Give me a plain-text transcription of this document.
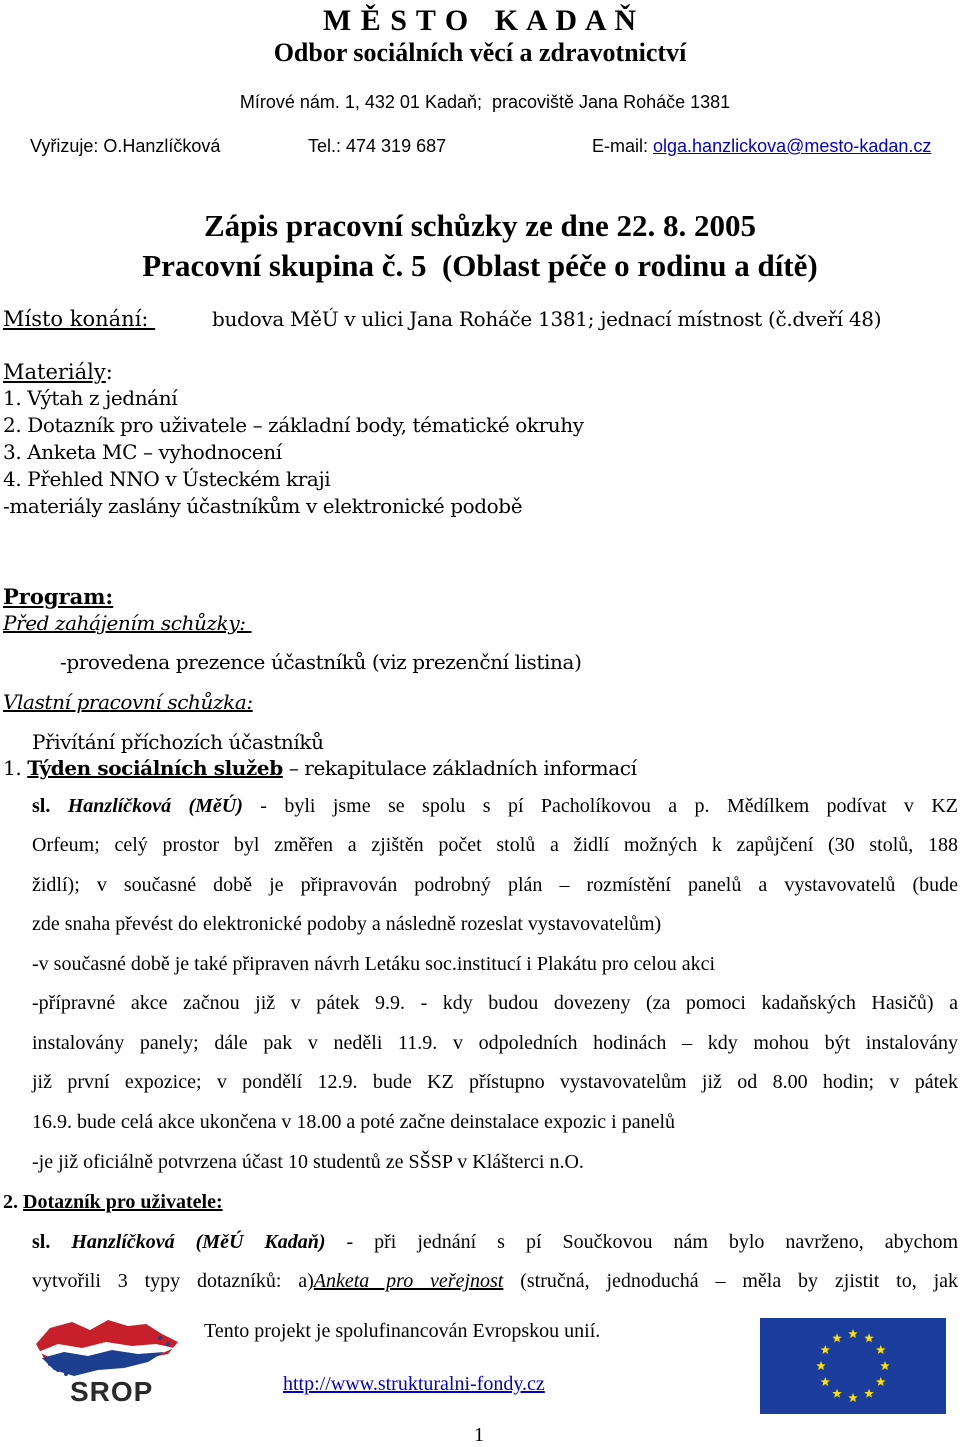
M Ě S T O   K A D A Ň
Odbor sociálních věcí a zdravotnictví

Mírové nám. 1, 432 01 Kadaň;  pracoviště Jana Roháče 1381

Vyřizuje: O.Hanzlíčková	Tel.: 474 319 687	E-mail: olga.hanzlickova@mesto-kadan.cz
Zápis pracovní schůzky ze dne 22. 8. 2005
Pracovní skupina č. 5  (Oblast péče o rodinu a dítě)
Místo konání:	budova MěÚ v ulici Jana Roháče 1381; jednací místnost (č.dveří 48)
Materiály:
1. Výtah z jednání
2. Dotazník pro uživatele – základní body, tématické okruhy
3. Anketa MC – vyhodnocení
4. Přehled NNO v Ústeckém kraji
-materiály zaslány účastníkům v elektronické podobě
Program:
Před zahájením schůzky:
-provedena prezence účastníků (viz prezenční listina)
Vlastní pracovní schůzka:
Přivítání příchozích účastníků
1. Týden sociálních služeb – rekapitulace základních informací
sl. Hanzlíčková (MěÚ) - byli jsme se spolu s pí Pacholíkovou a p. Mědílkem podívat v KZ
Orfeum; celý prostor byl změřen a zjištěn počet stolů a židlí možných k zapůjčení (30 stolů, 188
židlí); v současné době je připravován podrobný plán – rozmístění panelů a vystavovatelů (bude
zde snaha převést do elektronické podoby a následně rozeslat vystavovatelům)
-v současné době je také připraven návrh Letáku soc.institucí i Plakátu pro celou akci
-přípravné akce začnou již v pátek 9.9. - kdy budou dovezeny (za pomoci kadaňských Hasičů) a
instalovány panely; dále pak v neděli 11.9. v odpoledních hodinách – kdy mohou být instalovány
již první expozice; v pondělí 12.9. bude KZ přístupno vystavovatelům již od 8.00 hodin; v pátek
16.9. bude celá akce ukončena v 18.00 a poté začne deinstalace expozic i panelů
-je již oficiálně potvrzena účast 10 studentů ze SŠSP v Klášterci n.O.
2. Dotazník pro uživatele:
sl. Hanzlíčková (MěÚ Kadaň) - při jednání s pí Součkovou nám bylo navrženo, abychom
vytvořili 3 typy dotazníků: a)Anketa pro veřejnost (stručná, jednoduchá – měla by zjistit to, jak
SROP
Tento projekt je spolufinancován Evropskou unií.
http://www.strukturalni-fondy.cz
1
